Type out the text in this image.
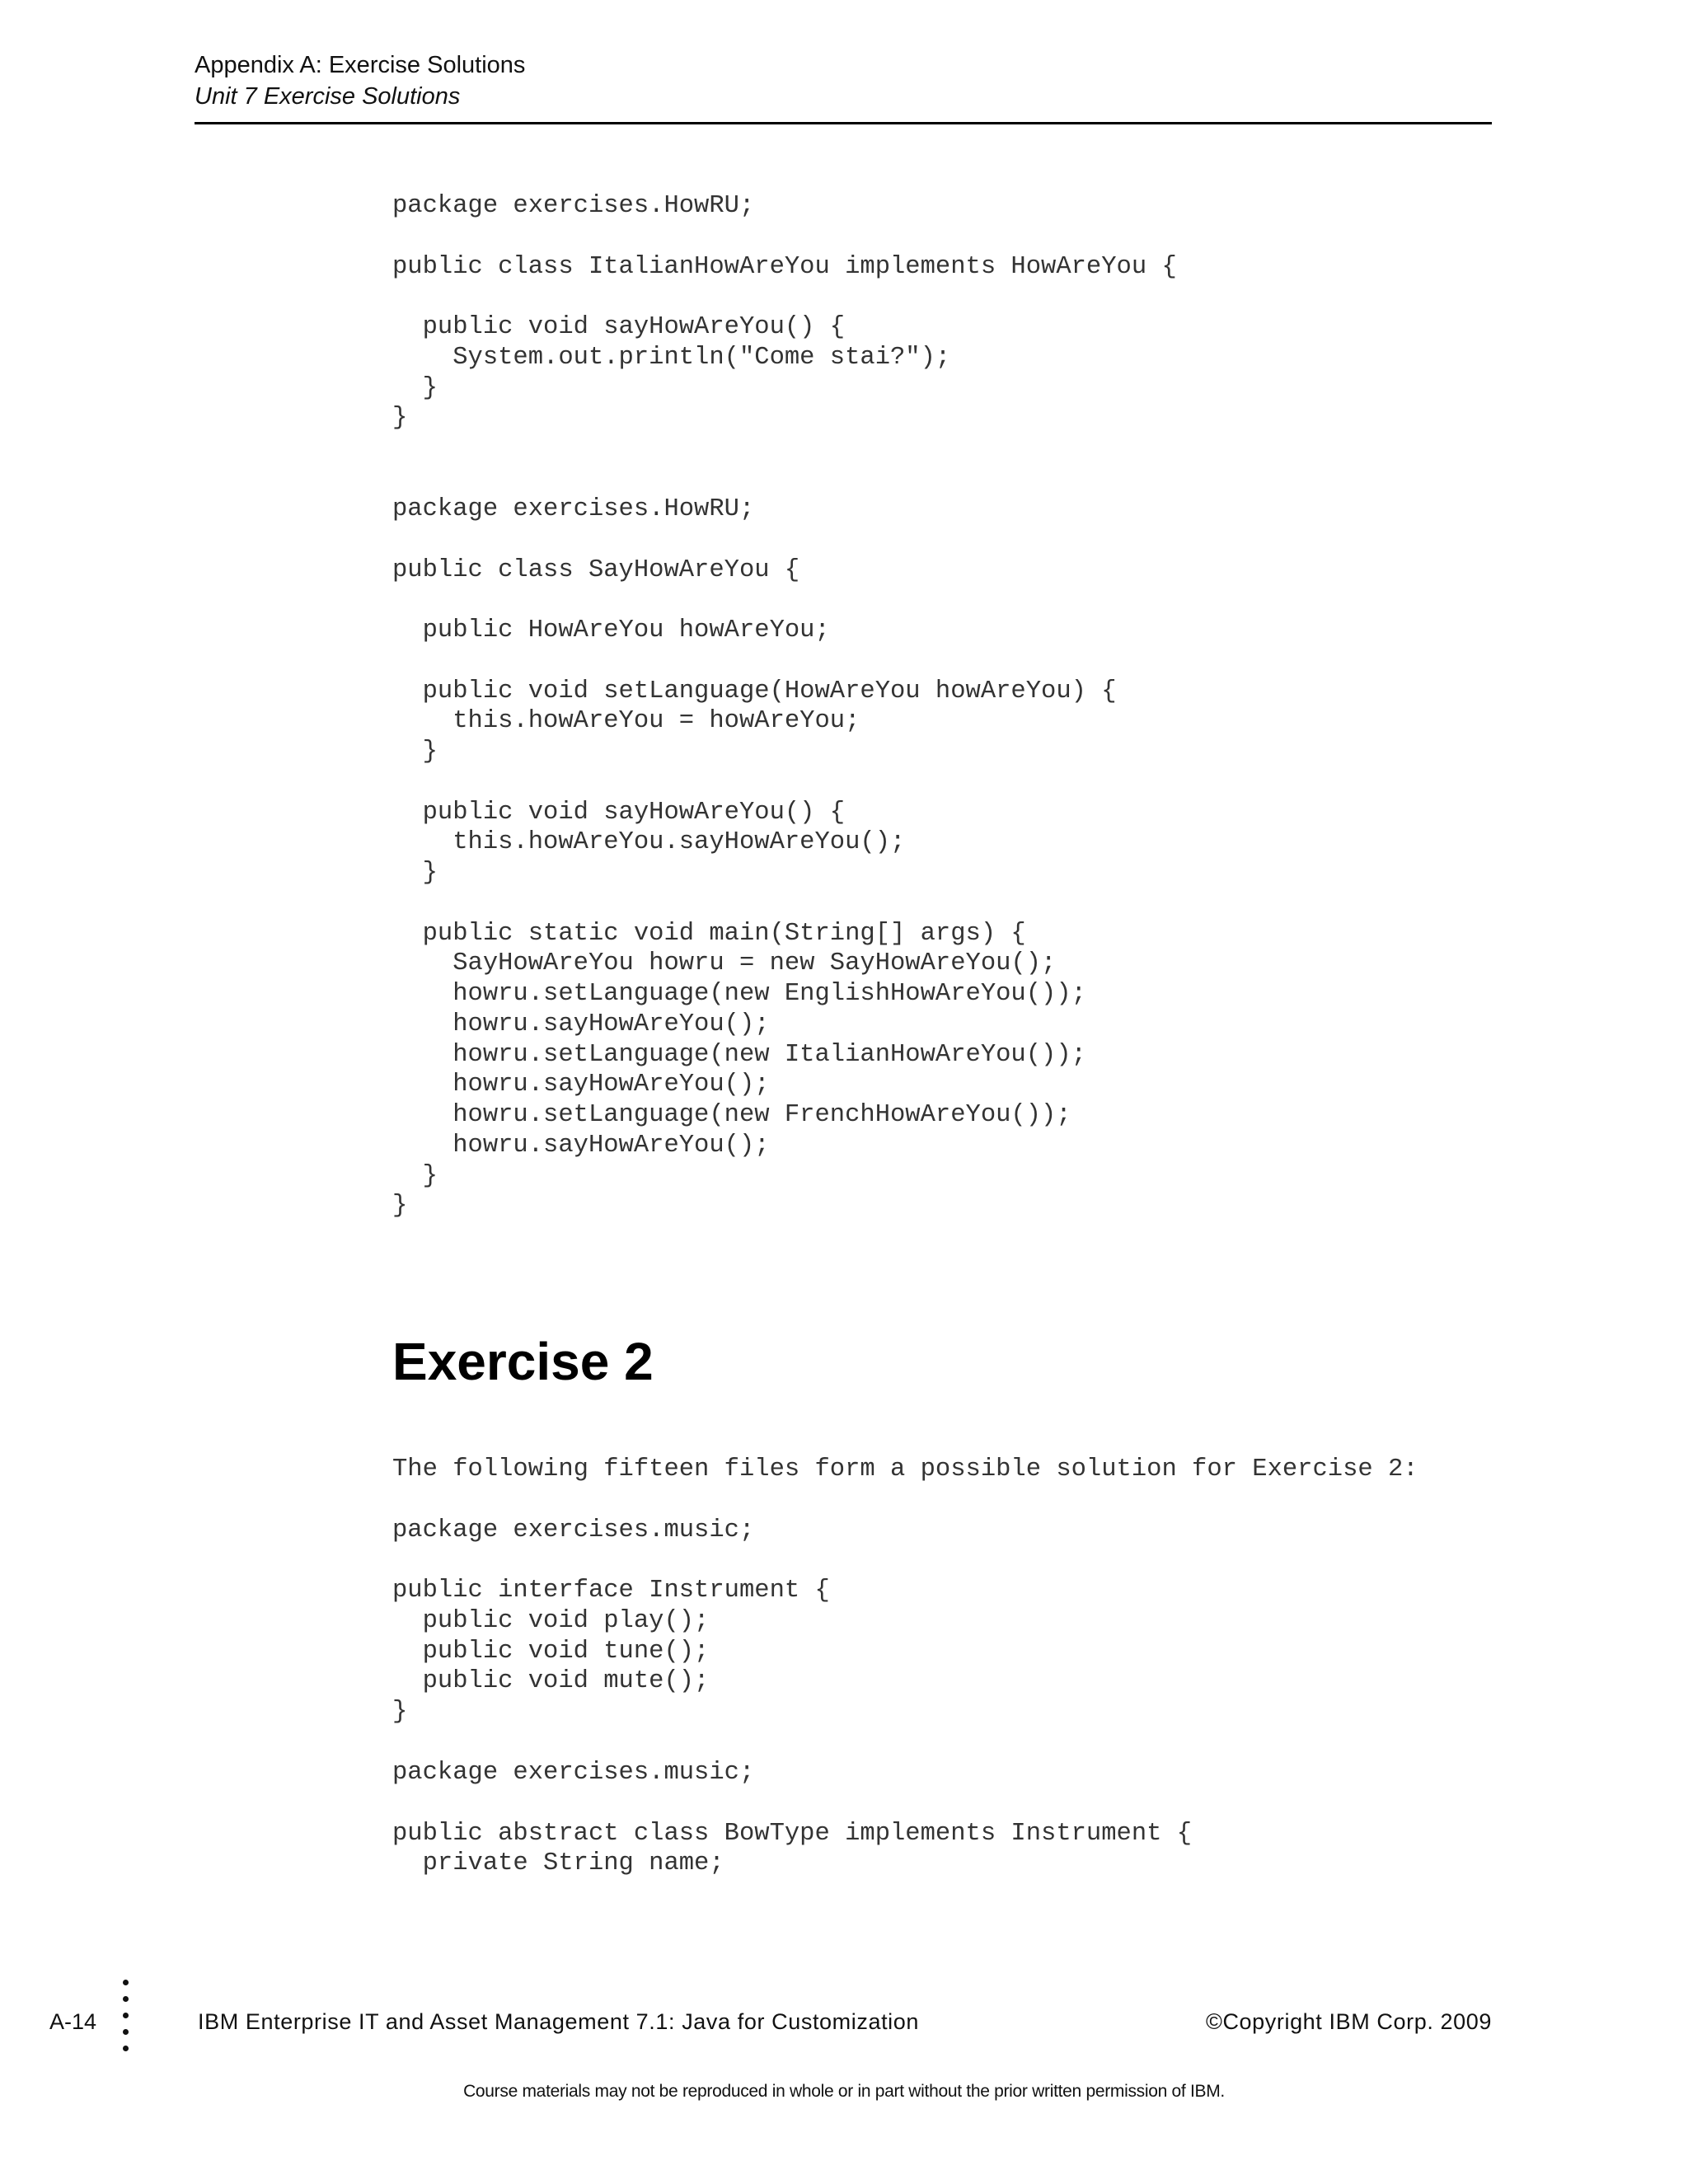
Appendix A: Exercise Solutions
Unit 7 Exercise Solutions
package exercises.HowRU;

public class ItalianHowAreYou implements HowAreYou {

public void sayHowAreYou() {
System.out.println("Come stai?");
}
}
package exercises.HowRU;

public class SayHowAreYou {

public HowAreYou howAreYou;

public void setLanguage(HowAreYou howAreYou) {
this.howAreYou = howAreYou;
}

public void sayHowAreYou() {
this.howAreYou.sayHowAreYou();
}

public static void main(String[] args) {
SayHowAreYou howru = new SayHowAreYou();
howru.setLanguage(new EnglishHowAreYou());
howru.sayHowAreYou();
howru.setLanguage(new ItalianHowAreYou());
howru.sayHowAreYou();
howru.setLanguage(new FrenchHowAreYou());
howru.sayHowAreYou();
}
}
Exercise 2
The following fifteen files form a possible solution for Exercise 2:

package exercises.music;

public interface Instrument {
public void play();
public void tune();
public void mute();
}
package exercises.music;

public abstract class BowType implements Instrument {
private String name;
A-14	IBM Enterprise IT and Asset Management 7.1: Java for Customization	©Copyright IBM Corp. 2009
Course materials may not be reproduced in whole or in part without the prior written permission of IBM.
